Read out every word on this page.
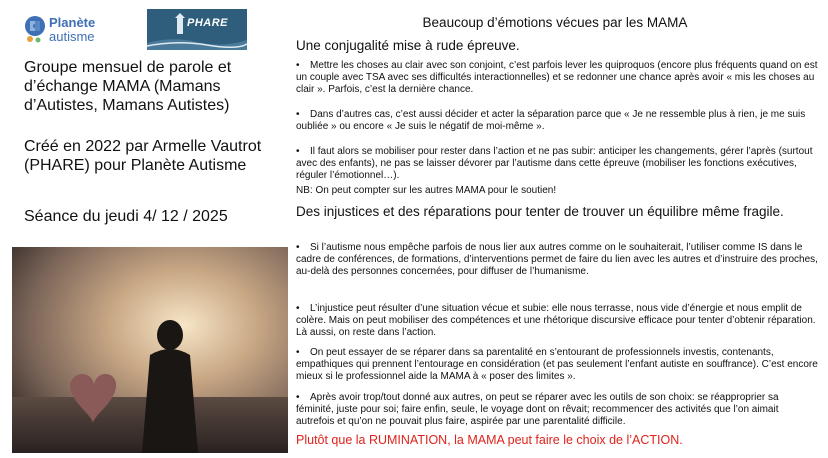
Planète
autisme
PHARE
Groupe mensuel de parole et d’échange MAMA (Mamans d’Autistes, Mamans Autistes)
Créé en 2022 par Armelle Vautrot (PHARE) pour Planète Autisme
Séance du jeudi 4/ 12 / 2025
Beaucoup d’émotions vécues par les MAMA
Une conjugalité mise à rude épreuve.
• Mettre les choses au clair avec son conjoint, c’est parfois lever les quiproquos (encore plus fréquents quand on est un couple avec TSA avec ses difficultés interactionnelles) et se redonner une chance après avoir « mis les choses au clair ». Parfois, c’est la dernière chance.
• Dans d’autres cas, c’est aussi décider et acter la séparation parce que « Je ne ressemble plus à rien, je me suis oubliée » ou encore « Je suis le négatif de moi-même ».
• Il faut alors se mobiliser pour rester dans l’action et ne pas subir: anticiper les changements, gérer l’après (surtout avec des enfants), ne pas se laisser dévorer par l’autisme dans cette épreuve (mobiliser les fonctions exécutives, réguler l’émotionnel…).
NB: On peut compter sur les autres MAMA pour le soutien!
Des injustices et des réparations pour tenter de trouver un équilibre même fragile.
• Si l’autisme nous empêche parfois de nous lier aux autres comme on le souhaiterait, l’utiliser comme IS dans le cadre de conférences, de formations, d’interventions permet de faire du lien avec les autres et d’instruire des proches, au-delà des personnes concernées, pour diffuser de l’humanisme.
• L’injustice peut résulter d’une situation vécue et subie: elle nous terrasse, nous vide d’énergie et nous emplit de colère. Mais on peut mobiliser des compétences et une rhétorique discursive efficace pour tenter d’obtenir réparation. Là aussi, on reste dans l’action.
• On peut essayer de se réparer dans sa parentalité en s’entourant de professionnels investis, contenants, empathiques qui prennent l’entourage en considération (et pas seulement l’enfant autiste en souffrance). C’est encore mieux si le professionnel aide la MAMA à « poser des limites ».
• Après avoir trop/tout donné aux autres, on peut se réparer avec les outils de son choix: se réapproprier sa féminité, juste pour soi; faire enfin, seule, le voyage dont on rêvait; recommencer des activités que l’on aimait autrefois et qu’on ne pouvait plus faire, aspirée par une parentalité difficile.
Plutôt que la RUMINATION, la MAMA peut faire le choix de l’ACTION.
